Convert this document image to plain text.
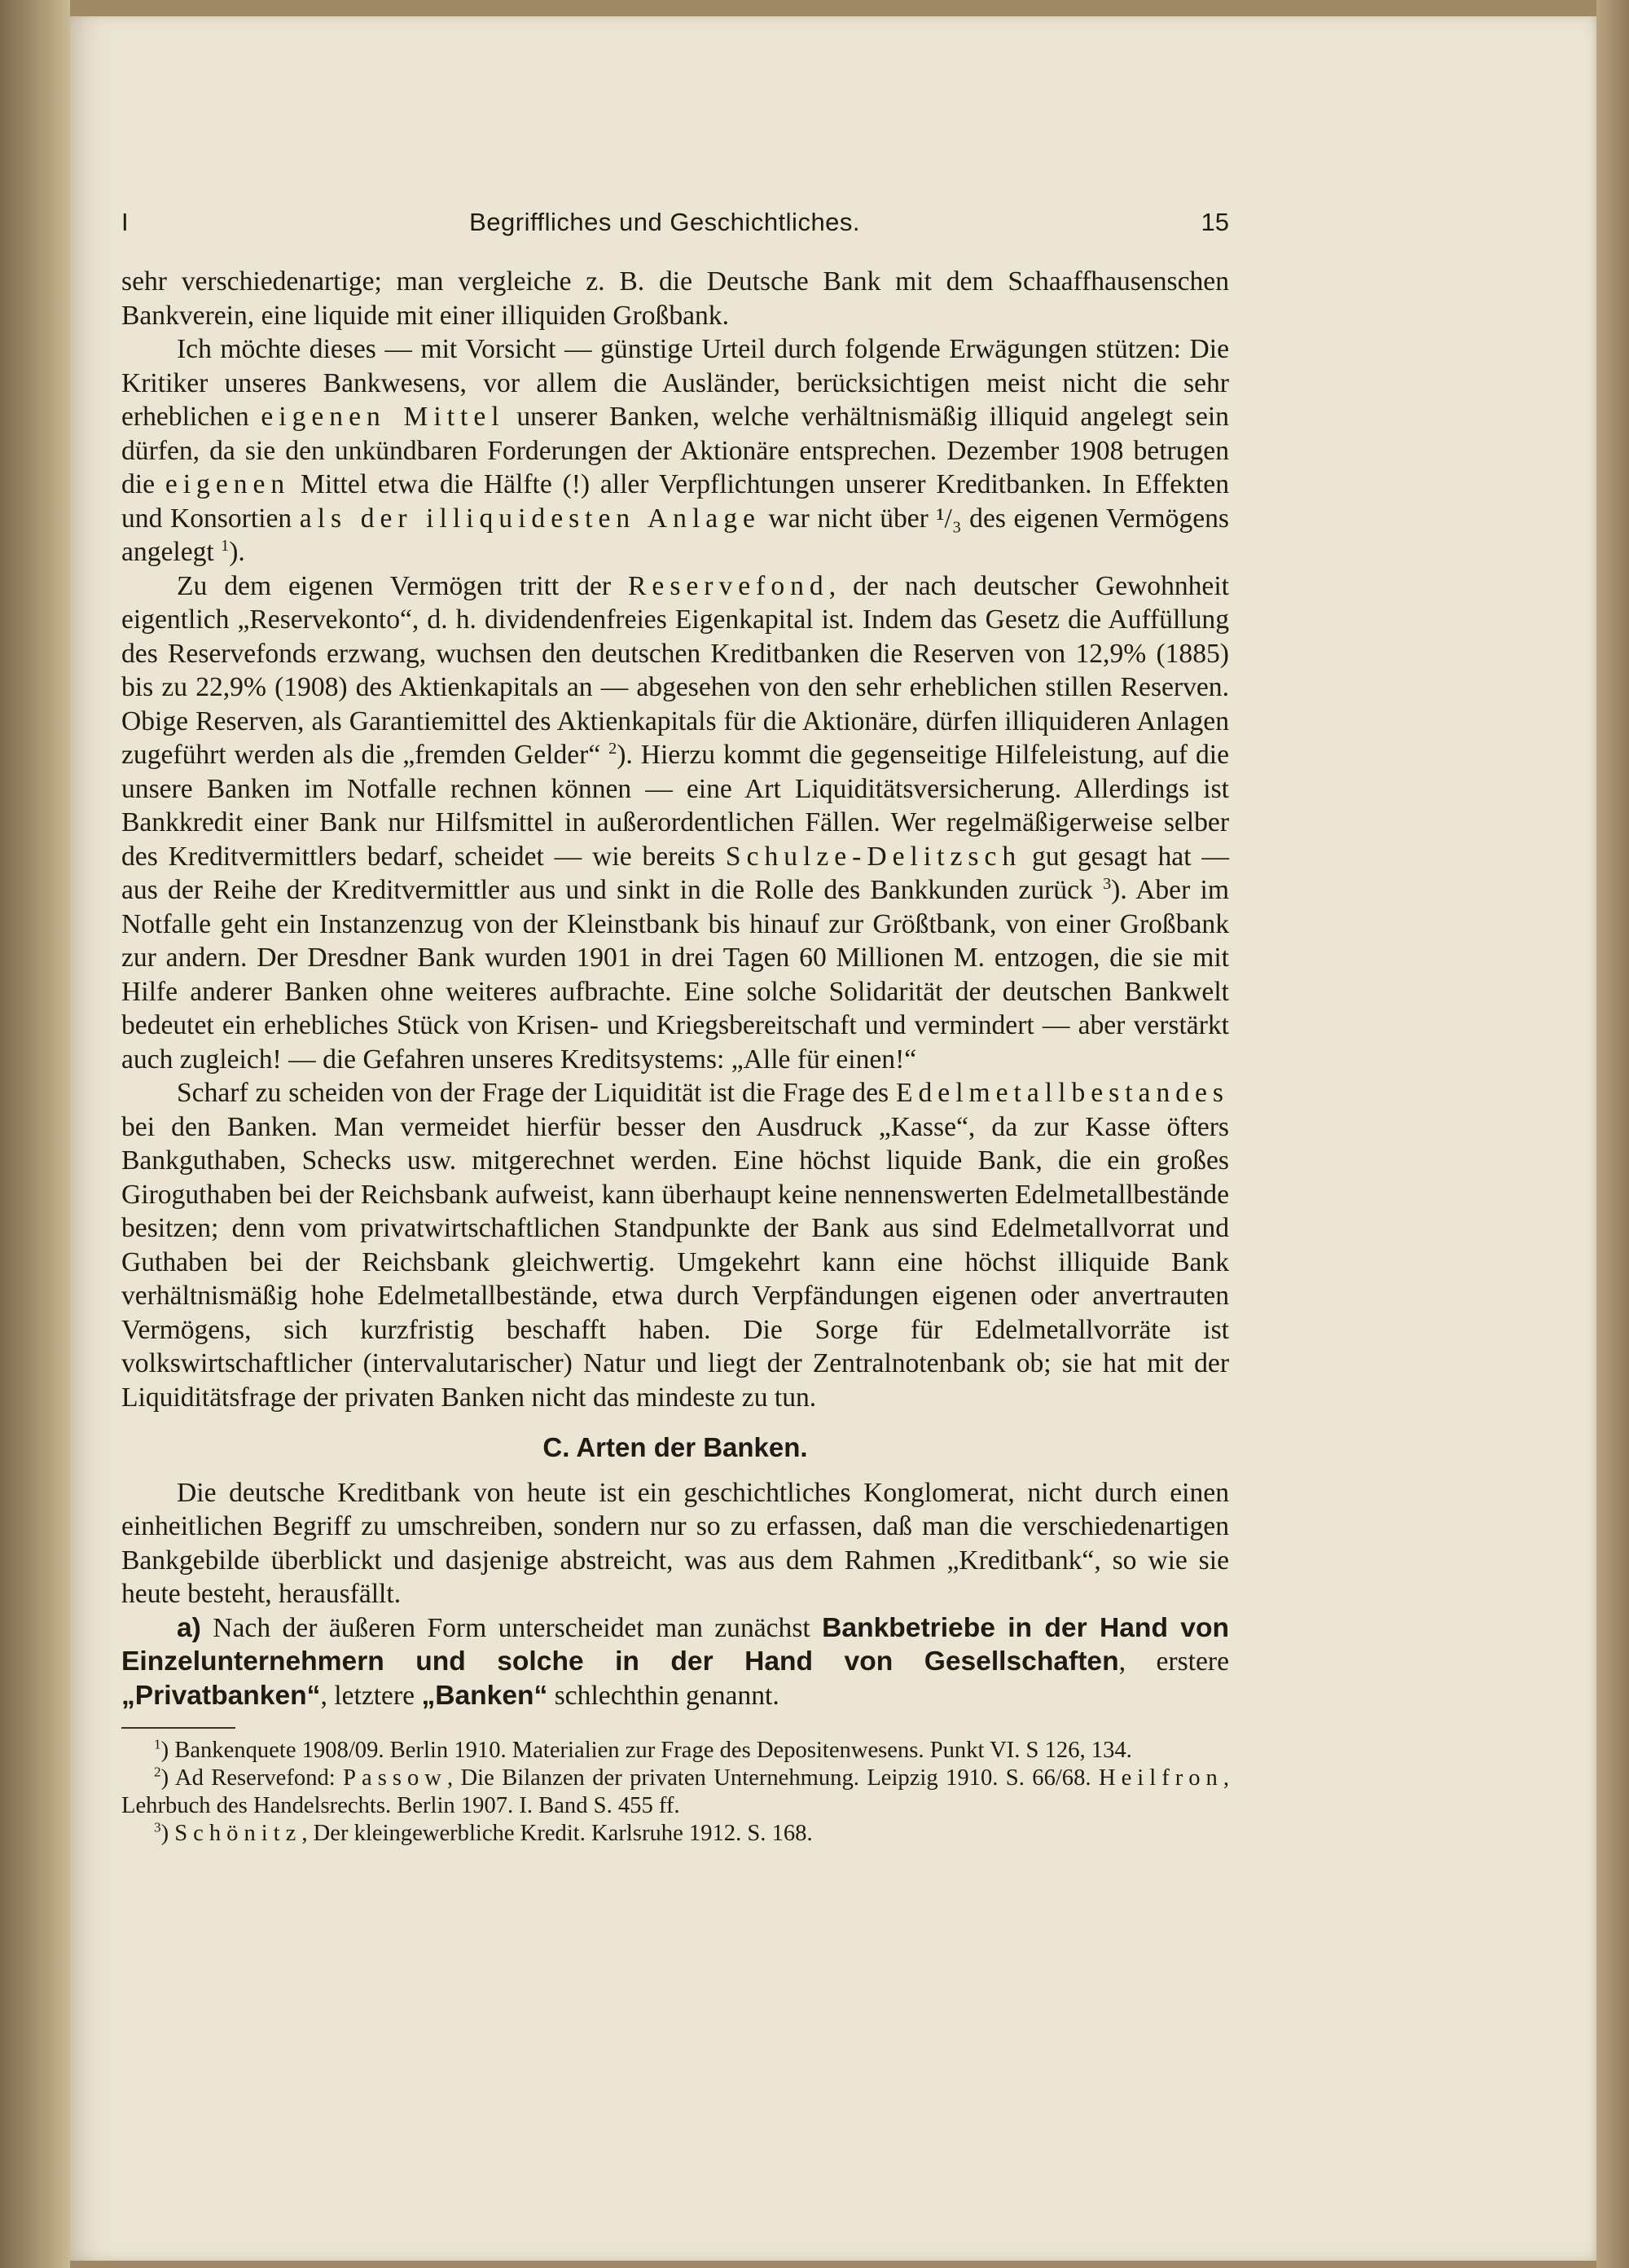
I	Begriffliches und Geschichtliches.	15

sehr verschiedenartige; man vergleiche z. B. die Deutsche Bank mit dem Schaaffhausenschen Bankverein, eine liquide mit einer illiquiden Großbank.

Ich möchte dieses — mit Vorsicht — günstige Urteil durch folgende Erwägungen stützen: Die Kritiker unseres Bankwesens, vor allem die Ausländer, berücksichtigen meist nicht die sehr erheblichen eigenen Mittel unserer Banken, welche verhältnismäßig illiquid angelegt sein dürfen, da sie den unkündbaren Forderungen der Aktionäre entsprechen. Dezember 1908 betrugen die eigenen Mittel etwa die Hälfte (!) aller Verpflichtungen unserer Kreditbanken. In Effekten und Konsortien als der illiquidesten Anlage war nicht über ¹/₃ des eigenen Vermögens angelegt $^1$).

Zu dem eigenen Vermögen tritt der Reservefond, der nach deutscher Gewohnheit eigentlich „Reservekonto“, d. h. dividendenfreies Eigenkapital ist. Indem das Gesetz die Auffüllung des Reservefonds erzwang, wuchsen den deutschen Kreditbanken die Reserven von 12,9% (1885) bis zu 22,9% (1908) des Aktienkapitals an — abgesehen von den sehr erheblichen stillen Reserven. Obige Reserven, als Garantiemittel des Aktienkapitals für die Aktionäre, dürfen illiquideren Anlagen zugeführt werden als die „fremden Gelder“ $^2$). Hierzu kommt die gegenseitige Hilfeleistung, auf die unsere Banken im Notfalle rechnen können — eine Art Liquiditätsversicherung. Allerdings ist Bankkredit einer Bank nur Hilfsmittel in außerordentlichen Fällen. Wer regelmäßigerweise selber des Kreditvermittlers bedarf, scheidet — wie bereits Schulze-Delitzsch gut gesagt hat — aus der Reihe der Kreditvermittler aus und sinkt in die Rolle des Bankkunden zurück $^3$). Aber im Notfalle geht ein Instanzenzug von der Kleinstbank bis hinauf zur Größtbank, von einer Großbank zur andern. Der Dresdner Bank wurden 1901 in drei Tagen 60 Millionen M. entzogen, die sie mit Hilfe anderer Banken ohne weiteres aufbrachte. Eine solche Solidarität der deutschen Bankwelt bedeutet ein erhebliches Stück von Krisen- und Kriegsbereitschaft und vermindert — aber verstärkt auch zugleich! — die Gefahren unseres Kreditsystems: „Alle für einen!“

Scharf zu scheiden von der Frage der Liquidität ist die Frage des Edelmetallbestandes bei den Banken. Man vermeidet hierfür besser den Ausdruck „Kasse“, da zur Kasse öfters Bankguthaben, Schecks usw. mitgerechnet werden. Eine höchst liquide Bank, die ein großes Giroguthaben bei der Reichsbank aufweist, kann überhaupt keine nennenswerten Edelmetallbestände besitzen; denn vom privatwirtschaftlichen Standpunkte der Bank aus sind Edelmetallvorrat und Guthaben bei der Reichsbank gleichwertig. Umgekehrt kann eine höchst illiquide Bank verhältnismäßig hohe Edelmetallbestände, etwa durch Verpfändungen eigenen oder anvertrauten Vermögens, sich kurzfristig beschafft haben. Die Sorge für Edelmetallvorräte ist volkswirtschaftlicher (intervalutarischer) Natur und liegt der Zentralnotenbank ob; sie hat mit der Liquiditätsfrage der privaten Banken nicht das mindeste zu tun.

C. Arten der Banken.

Die deutsche Kreditbank von heute ist ein geschichtliches Konglomerat, nicht durch einen einheitlichen Begriff zu umschreiben, sondern nur so zu erfassen, daß man die verschiedenartigen Bankgebilde überblickt und dasjenige abstreicht, was aus dem Rahmen „Kreditbank“, so wie sie heute besteht, herausfällt.

a) Nach der äußeren Form unterscheidet man zunächst Bankbetriebe in der Hand von Einzelunternehmern und solche in der Hand von Gesellschaften, erstere „Privatbanken“, letztere „Banken“ schlechthin genannt.

$^1$) Bankenquete 1908/09. Berlin 1910. Materialien zur Frage des Depositenwesens. Punkt VI. S 126, 134.

$^2$) Ad Reservefond: Passow, Die Bilanzen der privaten Unternehmung. Leipzig 1910. S. 66/68. Heilfron, Lehrbuch des Handelsrechts. Berlin 1907. I. Band S. 455 ff.

$^3$) Schönitz, Der kleingewerbliche Kredit. Karlsruhe 1912. S. 168.
